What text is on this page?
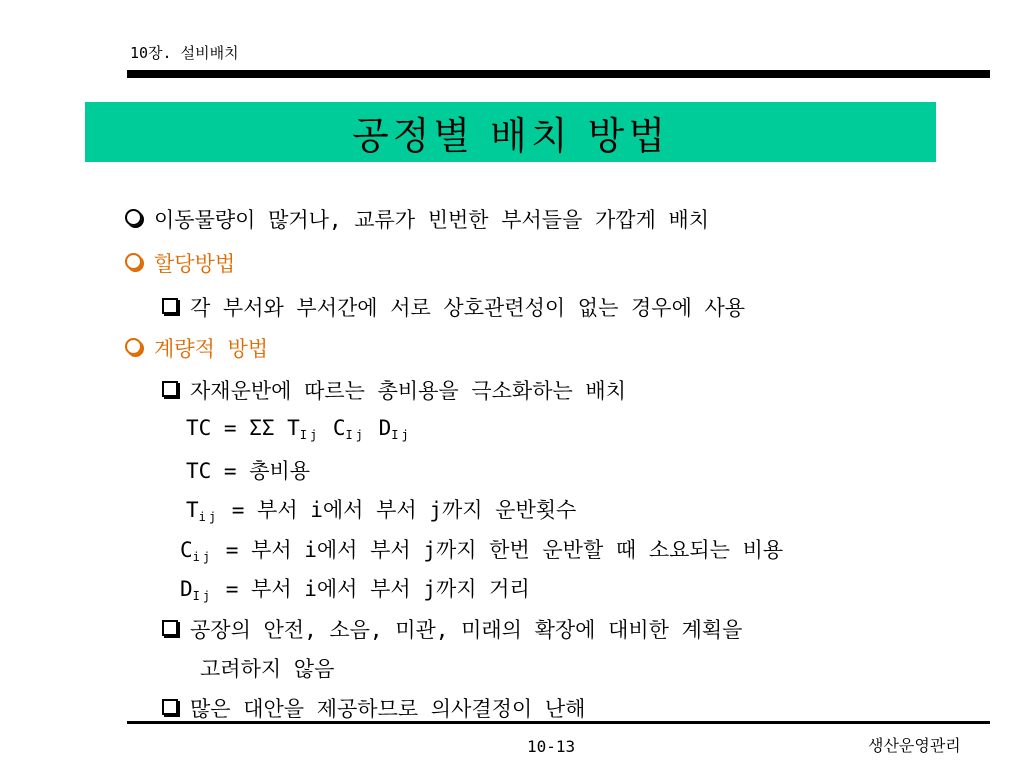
10장. 설비배치
공정별 배치 방법
이동물량이 많거나, 교류가 빈번한 부서들을 가깝게 배치
할당방법
각 부서와 부서간에 서로 상호관련성이 없는 경우에 사용
계량적 방법
자재운반에 따르는 총비용을 극소화하는 배치
TC = ΣΣ $T_{Ij}$ $C_{Ij}$ $D_{Ij}$
TC = 총비용
$T_{ij}$ = 부서 i에서 부서 j까지 운반횟수
$C_{ij}$ = 부서 i에서 부서 j까지 한번 운반할 때 소요되는 비용
$D_{Ij}$ = 부서 i에서 부서 j까지 거리
공장의 안전, 소음, 미관, 미래의 확장에 대비한 계획을
고려하지 않음
많은 대안을 제공하므로 의사결정이 난해
10-13	생산운영관리
